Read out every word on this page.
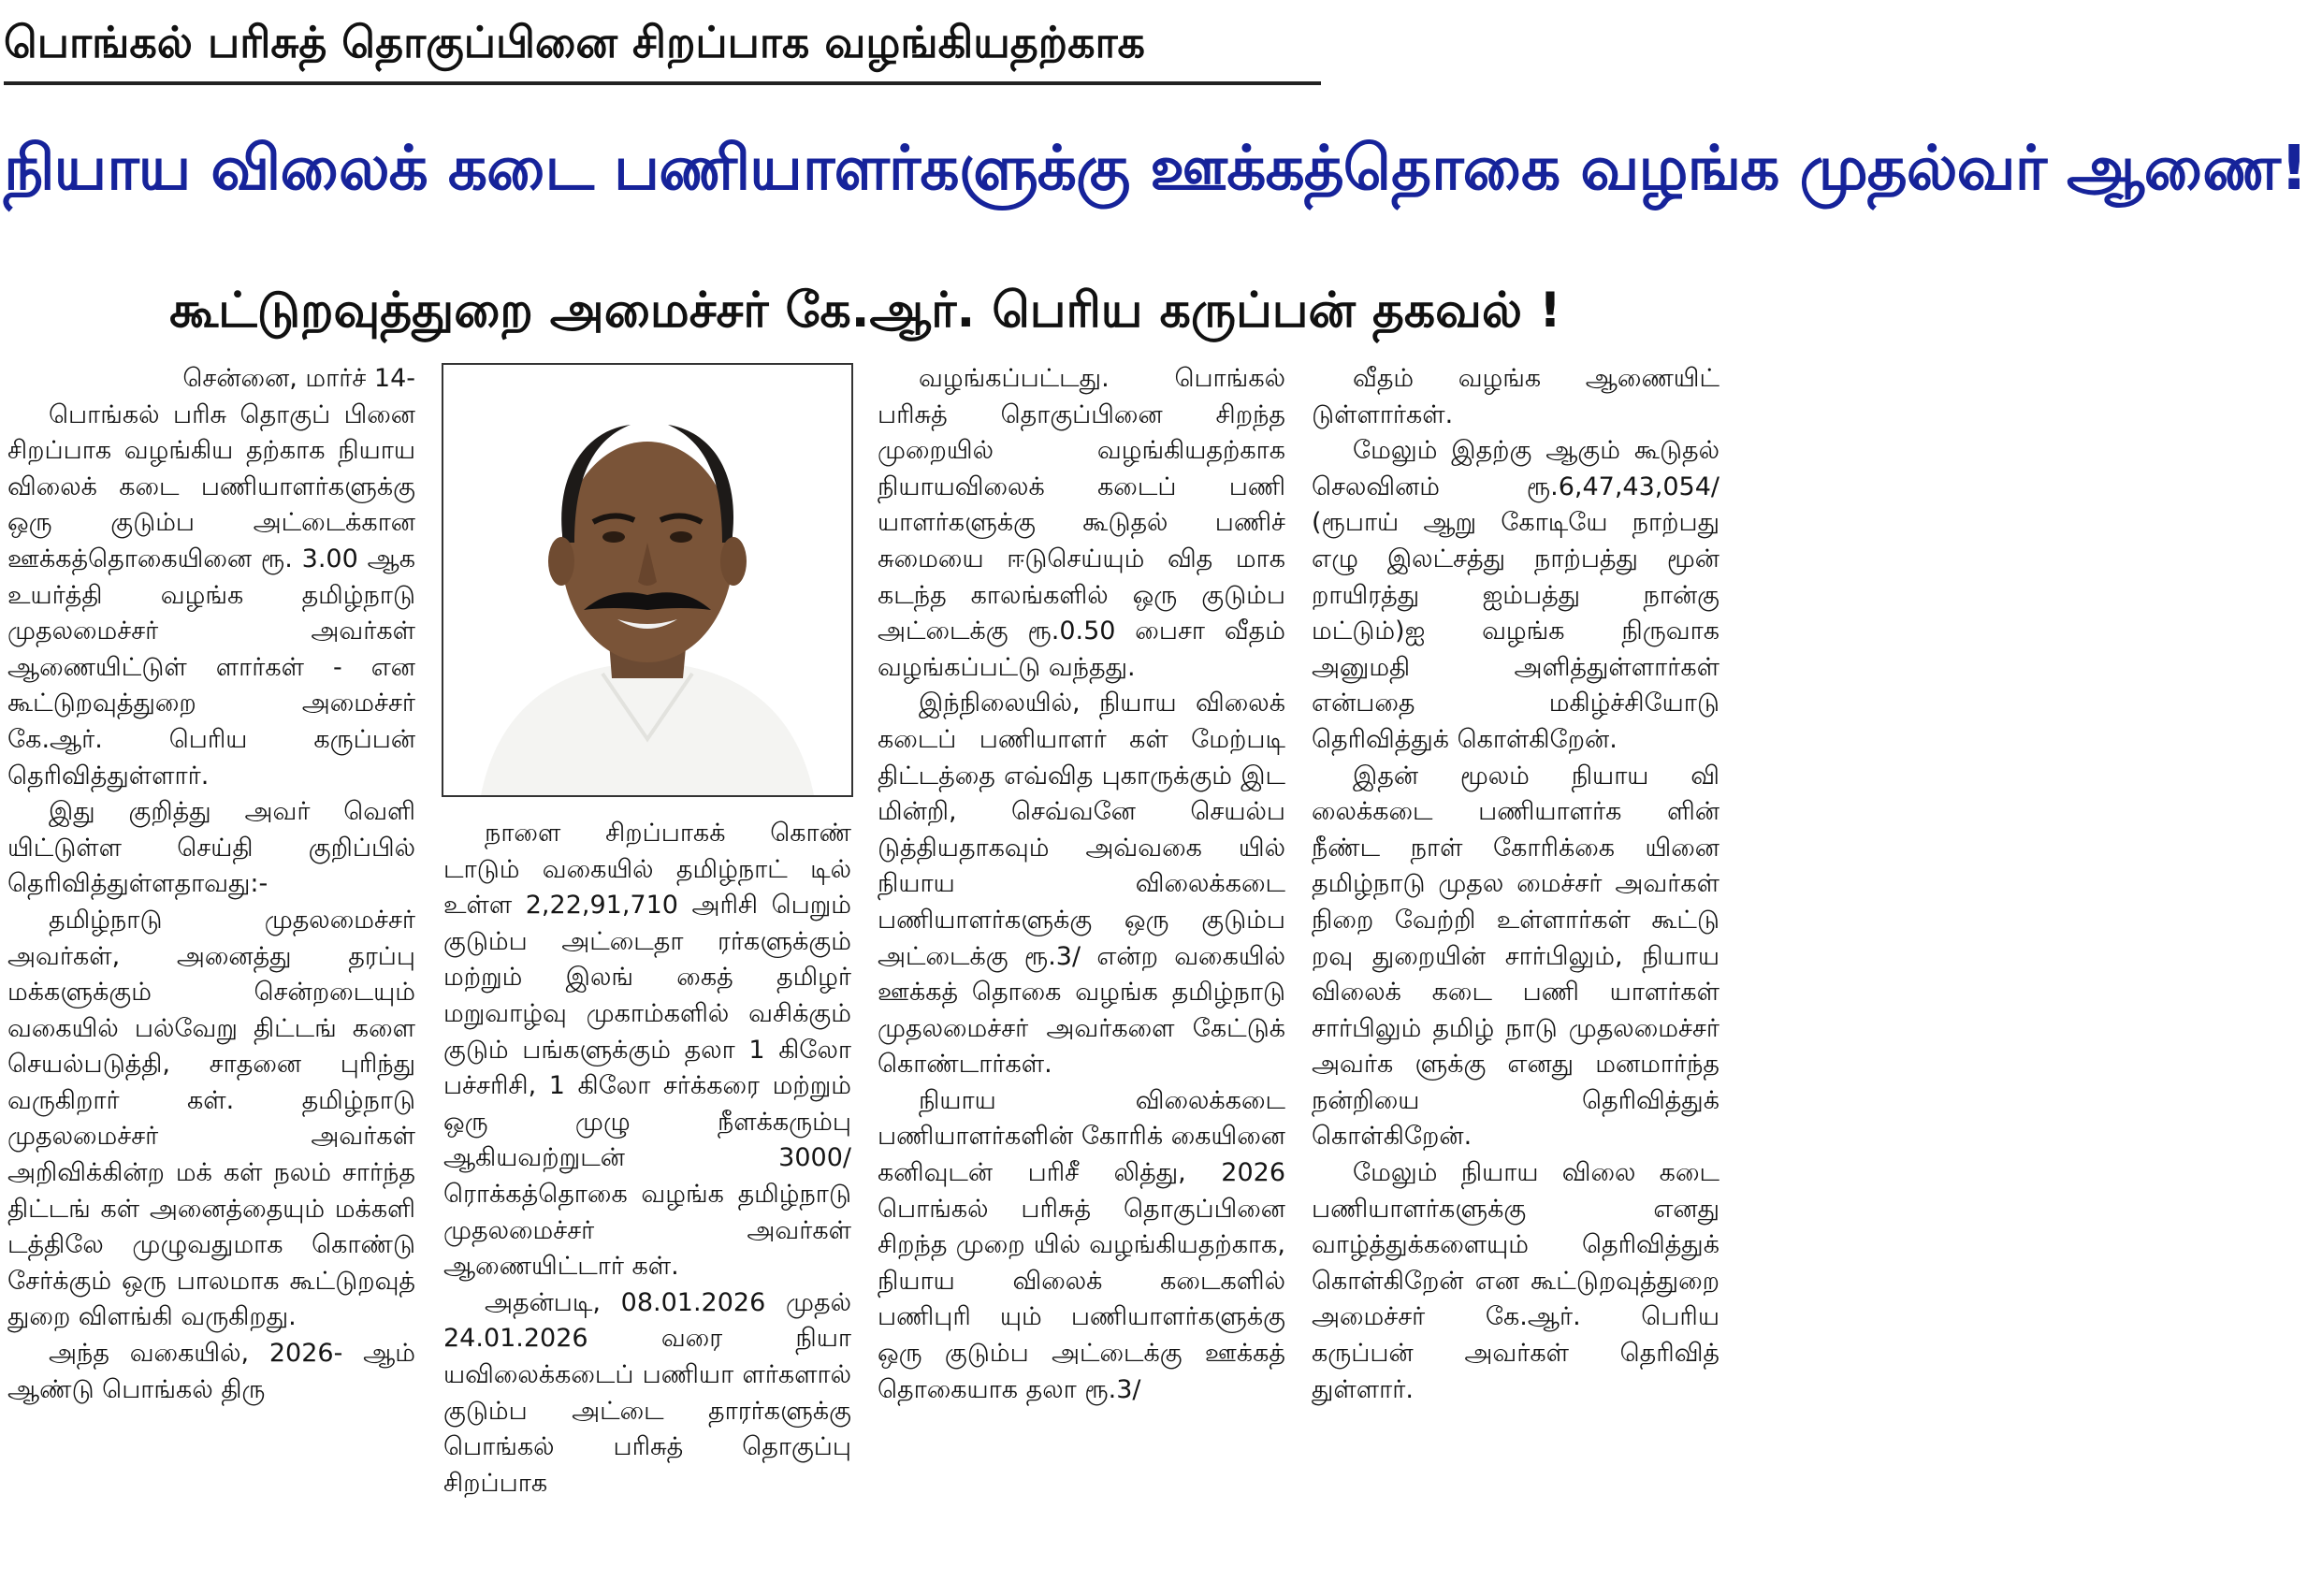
பொங்கல் பரிசுத் தொகுப்பினை சிறப்பாக வழங்கியதற்காக
நியாய விலைக் கடை பணியாளர்களுக்கு ஊக்கத்தொகை வழங்க முதல்வர் ஆணை!
கூட்டுறவுத்துறை அமைச்சர் கே.ஆர். பெரிய கருப்பன் தகவல் !

சென்னை, மார்ச் 14-

பொங்கல் பரிசு தொகுப் பினை சிறப்பாக வழங்கிய தற்காக நியாய விலைக் கடை பணியாளர்களுக்கு ஒரு குடும்ப அட்டைக்கான ஊக்கத்தொகையினை ரூ. 3.00 ஆக உயர்த்தி வழங்க தமிழ்நாடு முதலமைச்சர் அவர்கள் ஆணையிட்டுள் ளார்கள் - என கூட்டுறவுத்துறை அமைச்சர் கே.ஆர். பெரிய கருப்பன் தெரிவித்துள்ளார்.

இது குறித்து அவர் வெளி யிட்டுள்ள செய்தி குறிப்பில் தெரிவித்துள்ளதாவது:-

தமிழ்நாடு முதலமைச்சர் அவர்கள், அனைத்து தரப்பு மக்களுக்கும் சென்றடையும் வகையில் பல்வேறு திட்டங் களை செயல்படுத்தி, சாதனை புரிந்து வருகிறார் கள். தமிழ்நாடு முதலமைச்சர் அவர்கள் அறிவிக்கின்ற மக் கள் நலம் சார்ந்த திட்டங் கள் அனைத்தையும் மக்களி டத்திலே முழுவதுமாக கொண்டு சேர்க்கும் ஒரு பாலமாக கூட்டுறவுத் துறை விளங்கி வருகிறது.

அந்த வகையில், 2026- ஆம் ஆண்டு பொங்கல் திரு

நாளை சிறப்பாகக் கொண் டாடும் வகையில் தமிழ்நாட் டில் உள்ள 2,22,91,710 அரிசி பெறும் குடும்ப அட்டைதா ரர்களுக்கும் மற்றும் இலங் கைத் தமிழர் மறுவாழ்வு முகாம்களில் வசிக்கும் குடும் பங்களுக்கும் தலா 1 கிலோ பச்சரிசி, 1 கிலோ சர்க்கரை மற்றும் ஒரு முழு நீளக்கரும்பு ஆகியவற்றுடன் 3000/ ரொக்கத்தொகை வழங்க தமிழ்நாடு முதலமைச்சர் அவர்கள் ஆணையிட்டார் கள்.

அதன்படி, 08.01.2026 முதல் 24.01.2026 வரை நியா யவிலைக்கடைப் பணியா ளர்களால் குடும்ப அட்டை தாரர்களுக்கு பொங்கல் பரிசுத் தொகுப்பு சிறப்பாக

வழங்கப்பட்டது. பொங்கல் பரிசுத் தொகுப்பினை சிறந்த முறையில் வழங்கியதற்காக நியாயவிலைக் கடைப் பணி யாளர்களுக்கு கூடுதல் பணிச் சுமையை ஈடுசெய்யும் வித மாக கடந்த காலங்களில் ஒரு குடும்ப அட்டைக்கு ரூ.0.50 பைசா வீதம் வழங்கப்பட்டு வந்தது.

இந்நிலையில், நியாய விலைக் கடைப் பணியாளர் கள் மேற்படி திட்டத்தை எவ்வித புகாருக்கும் இட மின்றி, செவ்வனே செயல்ப டுத்தியதாகவும் அவ்வகை யில் நியாய விலைக்கடை பணியாளர்களுக்கு ஒரு குடும்ப அட்டைக்கு ரூ.3/ என்ற வகையில் ஊக்கத் தொகை வழங்க தமிழ்நாடு முதலமைச்சர் அவர்களை கேட்டுக் கொண்டார்கள்.

நியாய விலைக்கடை பணியாளர்களின் கோரிக் கையினை கனிவுடன் பரிசீ லித்து, 2026 பொங்கல் பரிசுத் தொகுப்பினை சிறந்த முறை யில் வழங்கியதற்காக, நியாய விலைக் கடைகளில் பணிபுரி யும் பணியாளர்களுக்கு ஒரு குடும்ப அட்டைக்கு ஊக்கத் தொகையாக தலா ரூ.3/

வீதம் வழங்க ஆணையிட் டுள்ளார்கள்.

மேலும் இதற்கு ஆகும் கூடுதல் செலவினம் ரூ.6,47,43,054/ (ரூபாய் ஆறு கோடியே நாற்பது எழு இலட்சத்து நாற்பத்து மூன் றாயிரத்து ஐம்பத்து நான்கு மட்டும்)ஐ வழங்க நிருவாக அனுமதி அளித்துள்ளார்கள் என்பதை மகிழ்ச்சியோடு தெரிவித்துக் கொள்கிறேன்.

இதன் மூலம் நியாய வி லைக்கடை பணியாளர்க ளின் நீண்ட நாள் கோரிக்கை யினை தமிழ்நாடு முதல மைச்சர் அவர்கள் நிறை வேற்றி உள்ளார்கள் கூட்டு றவு துறையின் சார்பிலும், நியாய விலைக் கடை பணி யாளர்கள் சார்பிலும் தமிழ் நாடு முதலமைச்சர் அவர்க ளுக்கு எனது மனமார்ந்த நன்றியை தெரிவித்துக் கொள்கிறேன்.

மேலும் நியாய விலை கடை பணியாளர்களுக்கு எனது வாழ்த்துக்களையும் தெரிவித்துக் கொள்கிறேன் என கூட்டுறவுத்துறை அமைச்சர் கே.ஆர். பெரிய கருப்பன் அவர்கள் தெரிவித் துள்ளார்.
